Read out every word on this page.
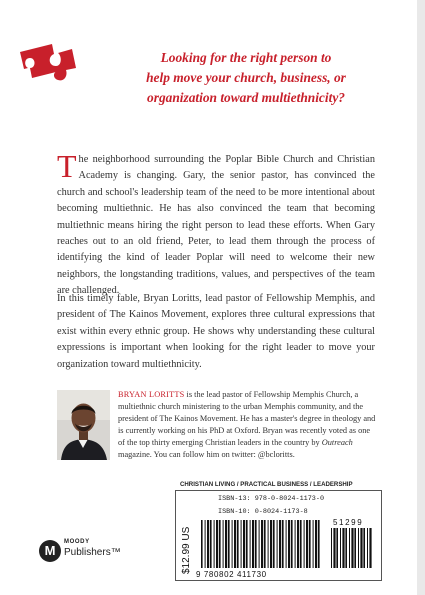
Looking for the right person to
help move your church, business, or
organization toward multiethnicity?

The neighborhood surrounding the Poplar Bible Church and Christian Academy is changing. Gary, the senior pastor, has convinced the church and school's leadership team of the need to be more intentional about becoming multiethnic. He has also convinced the team that becoming multiethnic means hiring the right person to lead these efforts. When Gary reaches out to an old friend, Peter, to lead them through the process of identifying the kind of leader Poplar will need to welcome their new neighbors, the longstanding traditions, values, and perspectives of the team are challenged.

In this timely fable, Bryan Loritts, lead pastor of Fellowship Memphis, and president of The Kainos Movement, explores three cultural expressions that exist within every ethnic group. He shows why understanding these cultural expressions is important when looking for the right leader to move your organization toward multiethnicity.

BRYAN LORITTS is the lead pastor of Fellowship Memphis Church, a multiethnic church ministering to the urban Memphis community, and the president of The Kainos Movement. He has a master's degree in theology and is currently working on his PhD at Oxford. Bryan was recently voted as one of the top thirty emerging Christian leaders in the country by Outreach magazine. You can follow him on twitter: @bcloritts.

CHRISTIAN LIVING / PRACTICAL BUSINESS / LEADERSHIP
$12.99 US
ISBN-13: 978-0-8024-1173-0
ISBN-10: 0-8024-1173-8
9 780802 411730
51299
M
MOODY
Publishers™
